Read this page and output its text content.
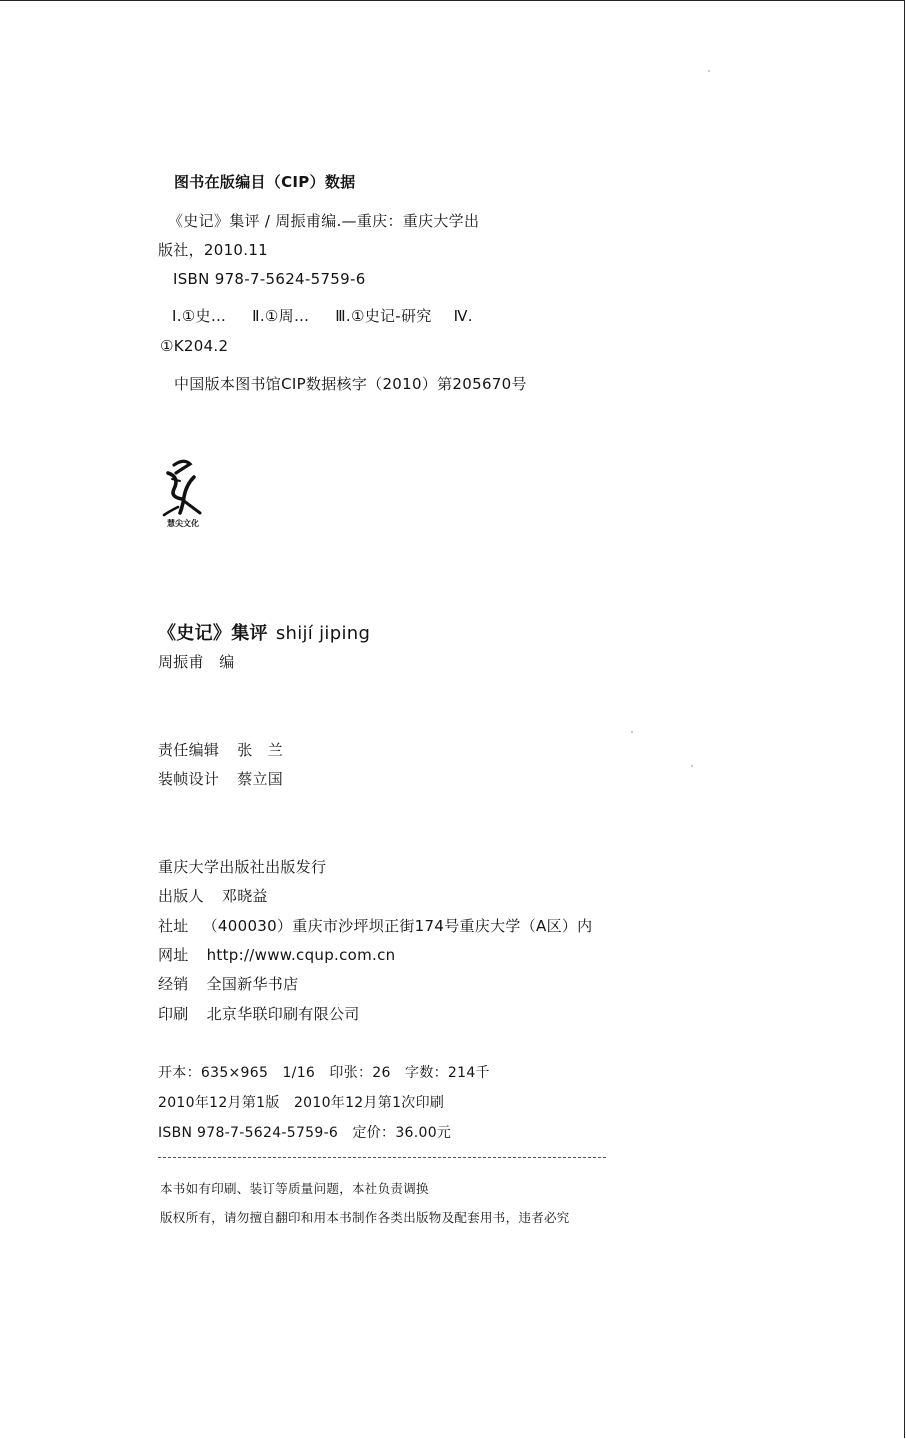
图书在版编目（CIP）数据
《史记》集评 / 周振甫编.—重庆：重庆大学出
版社，2010.11
ISBN 978-7-5624-5759-6
Ⅰ.①史… Ⅱ.①周… Ⅲ.①史记-研究 Ⅳ.
①K204.2
中国版本图书馆CIP数据核字（2010）第205670号
慧尖文化
《史记》集评 shijí jiping
周振甫　编
责任编辑 张　兰
装帧设计 蔡立国
重庆大学出版社出版发行
出版人 邓晓益
社址 （400030）重庆市沙坪坝正街174号重庆大学（A区）内
网址 http://www.cqup.com.cn
经销 全国新华书店
印刷 北京华联印刷有限公司
开本：635×965　1/16　印张：26　字数：214千
2010年12月第1版　2010年12月第1次印刷
ISBN 978-7-5624-5759-6　定价：36.00元
本书如有印刷、装订等质量问题，本社负责调换
版权所有，请勿擅自翻印和用本书制作各类出版物及配套用书，违者必究
